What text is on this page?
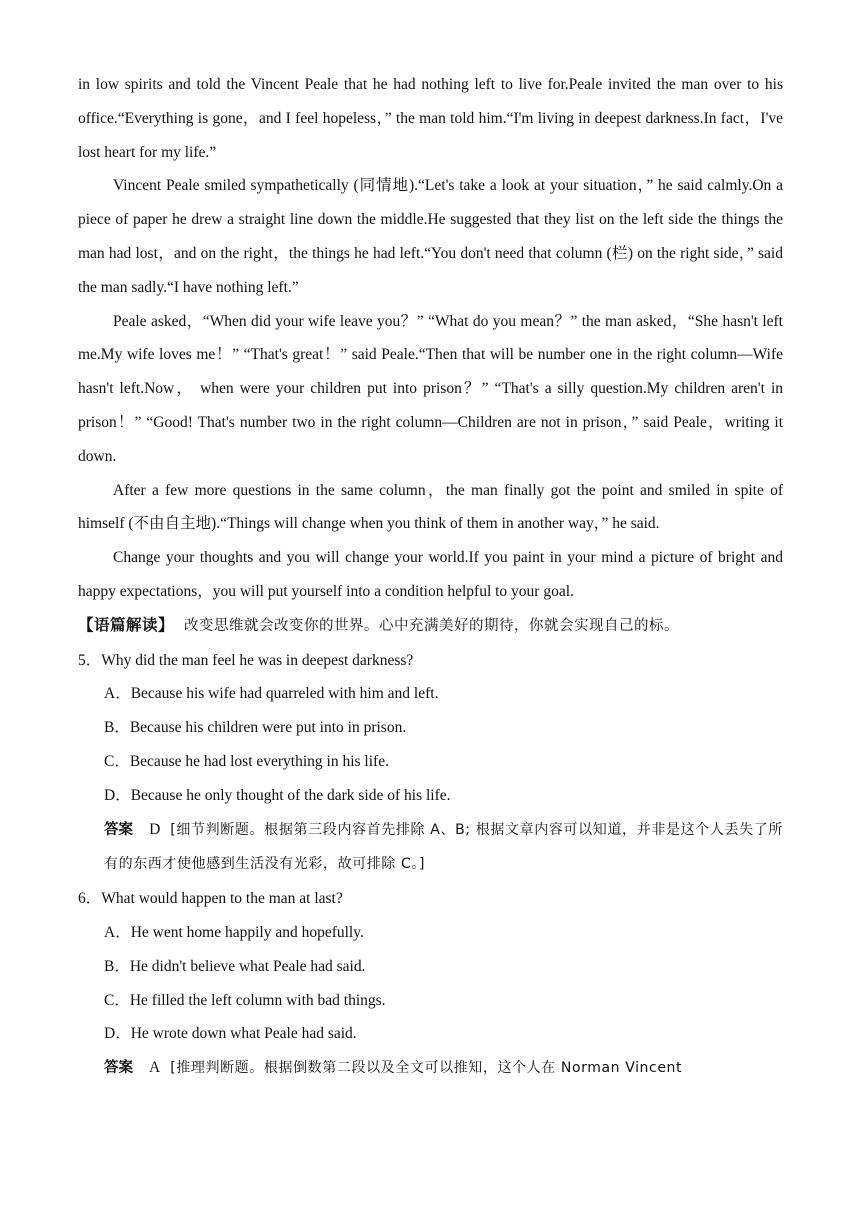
in low spirits and told the Vincent Peale that he had nothing left to live for.Peale invited the man over to his office.“Everything is gone，and I feel hopeless，” the man told him.“I'm living in deepest darkness.In fact，I've lost heart for my life.”

Vincent Peale smiled sympathetically (同情地).“Let's take a look at your situation，” he said calmly.On a piece of paper he drew a straight line down the middle.He suggested that they list on the left side the things the man had lost，and on the right，the things he had left.“You don't need that column (栏) on the right side，” said the man sadly.“I have nothing left.”

Peale asked，“When did your wife leave you？” “What do you mean？” the man asked，“She hasn't left me.My wife loves me！” “That's great！” said Peale.“Then that will be number one in the right column—Wife hasn't left.Now， when were your children put into prison？” “That's a silly question.My children aren't in prison！” “Good! That's number two in the right column—Children are not in prison，” said Peale，writing it down.

After a few more questions in the same column，the man finally got the point and smiled in spite of himself (不由自主地).“Things will change when you think of them in another way，” he said.

Change your thoughts and you will change your world.If you paint in your mind a picture of bright and happy expectations，you will put yourself into a condition helpful to your goal.

【语篇解读】 改变思维就会改变你的世界。心中充满美好的期待，你就会实现自己的标。

5．Why did the man feel he was in deepest darkness?

A．Because his wife had quarreled with him and left.

B．Because his children were put into in prison.

C．Because he had lost everything in his life.

D．Because he only thought of the dark side of his life.

答案 D [细节判断题。根据第三段内容首先排除 A、B; 根据文章内容可以知道，并非是这个人丢失了所有的东西才使他感到生活没有光彩，故可排除 C。]

6．What would happen to the man at last?

A．He went home happily and hopefully.

B．He didn't believe what Peale had said.

C．He filled the left column with bad things.

D．He wrote down what Peale had said.

答案 A [推理判断题。根据倒数第二段以及全文可以推知，这个人在 Norman Vincent
